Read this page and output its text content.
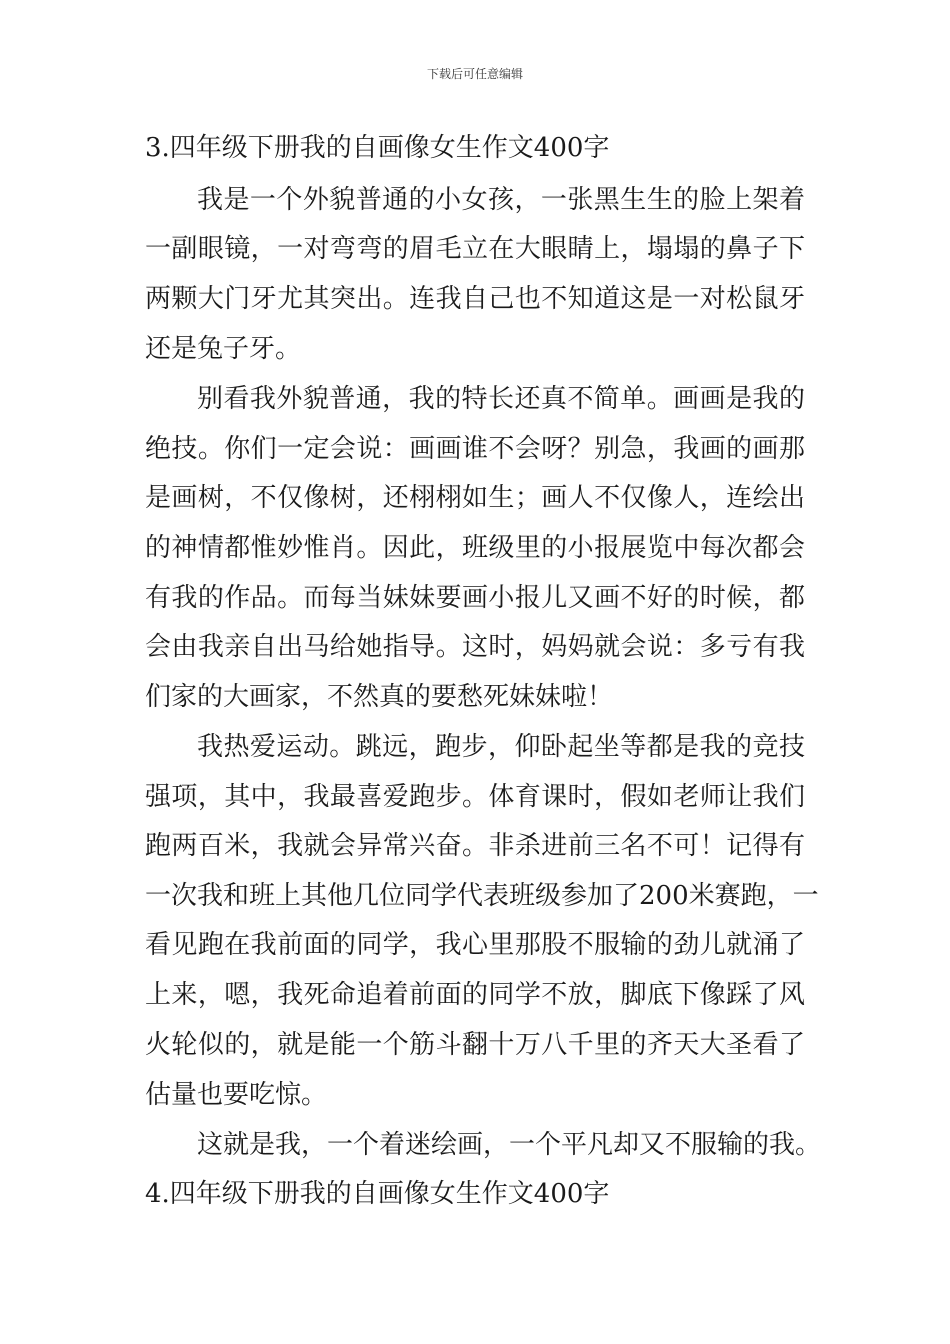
下载后可任意编辑
3.四年级下册我的自画像女生作文400字
我是一个外貌普通的小女孩，一张黑生生的脸上架着
一副眼镜，一对弯弯的眉毛立在大眼睛上，塌塌的鼻子下
两颗大门牙尤其突出。连我自己也不知道这是一对松鼠牙
还是兔子牙。
别看我外貌普通，我的特长还真不简单。画画是我的
绝技。你们一定会说：画画谁不会呀？别急，我画的画那
是画树，不仅像树，还栩栩如生；画人不仅像人，连绘出
的神情都惟妙惟肖。因此，班级里的小报展览中每次都会
有我的作品。而每当妹妹要画小报儿又画不好的时候，都
会由我亲自出马给她指导。这时，妈妈就会说：多亏有我
们家的大画家，不然真的要愁死妹妹啦！
我热爱运动。跳远，跑步，仰卧起坐等都是我的竞技
强项，其中，我最喜爱跑步。体育课时，假如老师让我们
跑两百米，我就会异常兴奋。非杀进前三名不可！记得有
一次我和班上其他几位同学代表班级参加了200米赛跑，一
看见跑在我前面的同学，我心里那股不服输的劲儿就涌了
上来，嗯，我死命追着前面的同学不放，脚底下像踩了风
火轮似的，就是能一个筋斗翻十万八千里的齐天大圣看了
估量也要吃惊。
这就是我，一个着迷绘画，一个平凡却又不服输的我。
4.四年级下册我的自画像女生作文400字
